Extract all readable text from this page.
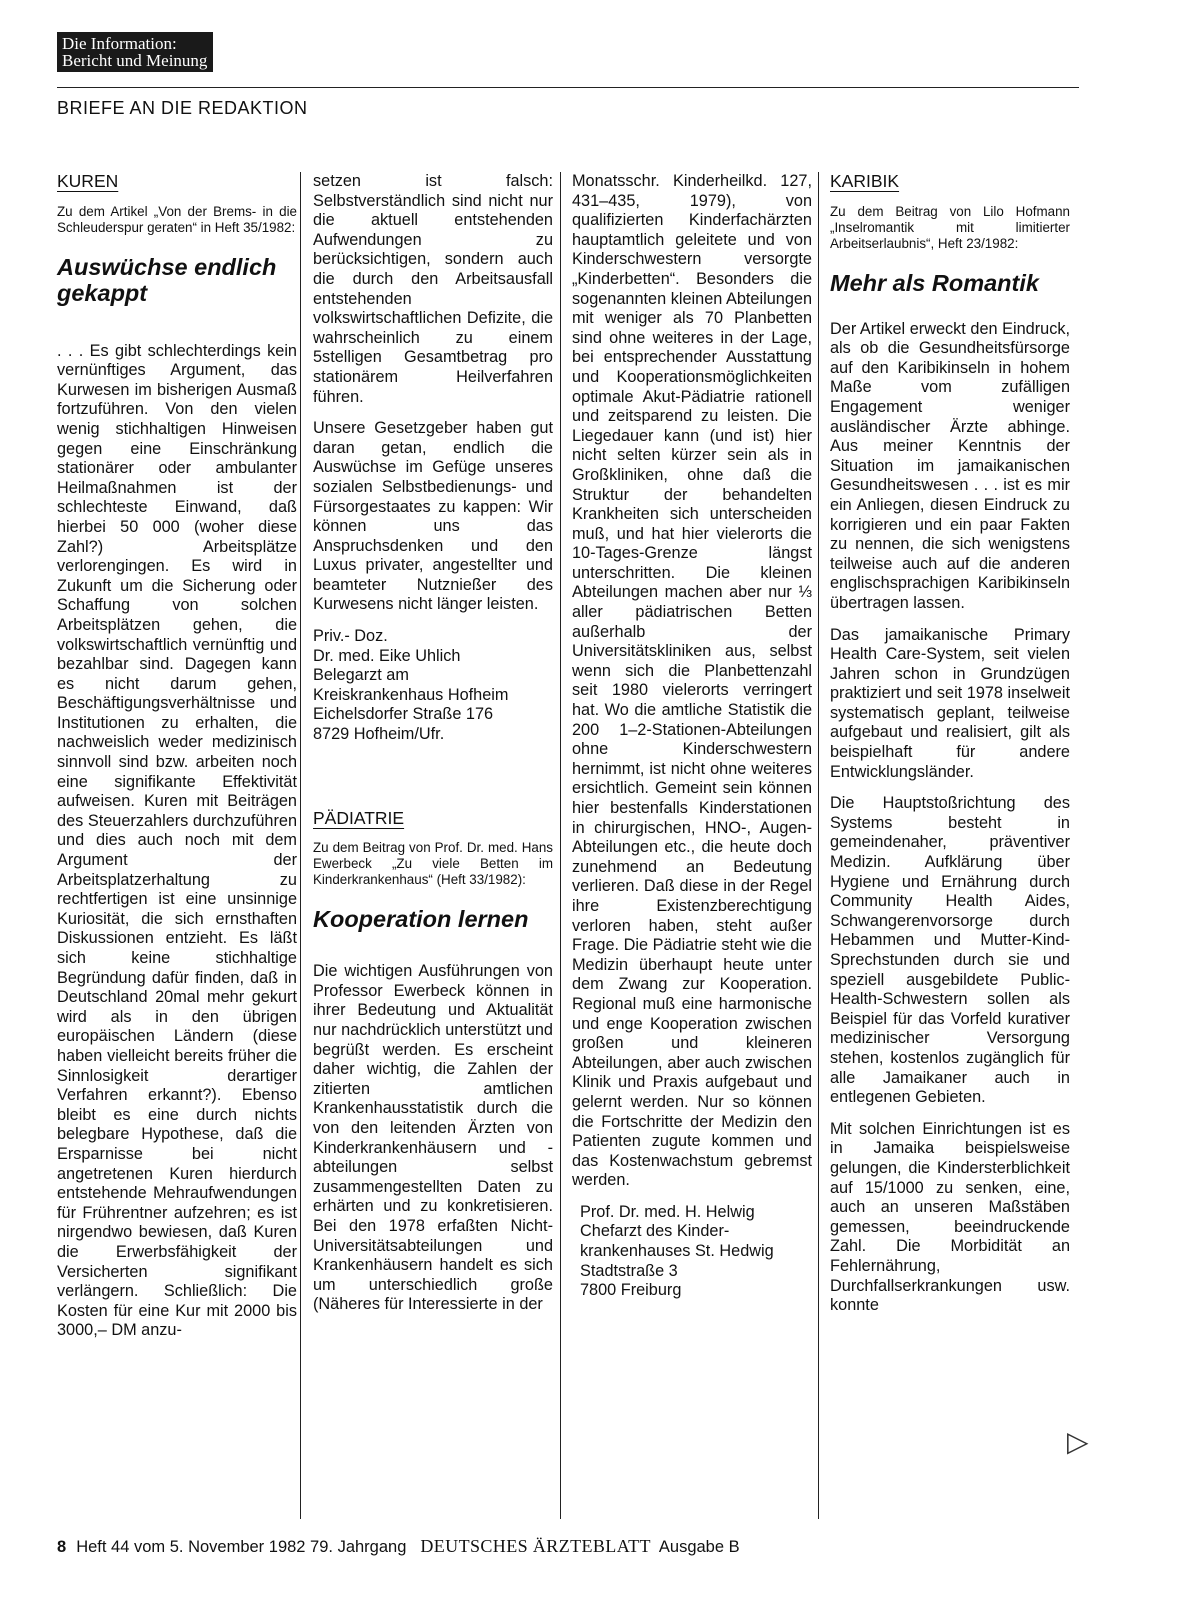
Die Information:
Bericht und Meinung
BRIEFE AN DIE REDAKTION
KUREN
Zu dem Artikel „Von der Brems- in die Schleuderspur geraten“ in Heft 35/1982:
Auswüchse endlich gekappt
. . . Es gibt schlechterdings kein vernünftiges Argument, das Kurwesen im bisherigen Ausmaß fortzuführen. Von den vielen wenig stichhaltigen Hinweisen gegen eine Einschränkung stationärer oder ambulanter Heilmaßnahmen ist der schlechteste Einwand, daß hierbei 50 000 (woher diese Zahl?) Arbeitsplätze verlorengingen. Es wird in Zukunft um die Sicherung oder Schaffung von solchen Arbeitsplätzen gehen, die volkswirtschaftlich vernünftig und bezahlbar sind. Dagegen kann es nicht darum gehen, Beschäftigungsverhältnisse und Institutionen zu erhalten, die nachweislich weder medizinisch sinnvoll sind bzw. arbeiten noch eine signifikante Effektivität aufweisen. Kuren mit Beiträgen des Steuerzahlers durchzuführen und dies auch noch mit dem Argument der Arbeitsplatzerhaltung zu rechtfertigen ist eine unsinnige Kuriosität, die sich ernsthaften Diskussionen entzieht. Es läßt sich keine stichhaltige Begründung dafür finden, daß in Deutschland 20mal mehr gekurt wird als in den übrigen europäischen Ländern (diese haben vielleicht bereits früher die Sinnlosigkeit derartiger Verfahren erkannt?). Ebenso bleibt es eine durch nichts belegbare Hypothese, daß die Ersparnisse bei nicht angetretenen Kuren hierdurch entstehende Mehraufwendungen für Frührentner aufzehren; es ist nirgendwo bewiesen, daß Kuren die Erwerbsfähigkeit der Versicherten signifikant verlängern. Schließlich: Die Kosten für eine Kur mit 2000 bis 3000,– DM anzu-
setzen ist falsch: Selbstverständlich sind nicht nur die aktuell entstehenden Aufwendungen zu berücksichtigen, sondern auch die durch den Arbeitsausfall entstehenden volkswirtschaftlichen Defizite, die wahrscheinlich zu einem 5stelligen Gesamtbetrag pro stationärem Heilverfahren führen.
Unsere Gesetzgeber haben gut daran getan, endlich die Auswüchse im Gefüge unseres sozialen Selbstbedienungs- und Fürsorgestaates zu kappen: Wir können uns das Anspruchsdenken und den Luxus privater, angestellter und beamteter Nutznießer des Kurwesens nicht länger leisten.
Priv.- Doz.
Dr. med. Eike Uhlich
Belegarzt am
Kreiskrankenhaus Hofheim
Eichelsdorfer Straße 176
8729 Hofheim/Ufr.
PÄDIATRIE
Zu dem Beitrag von Prof. Dr. med. Hans Ewerbeck „Zu viele Betten im Kinderkrankenhaus“ (Heft 33/1982):
Kooperation lernen
Die wichtigen Ausführungen von Professor Ewerbeck können in ihrer Bedeutung und Aktualität nur nachdrücklich unterstützt und begrüßt werden. Es erscheint daher wichtig, die Zahlen der zitierten amtlichen Krankenhausstatistik durch die von den leitenden Ärzten von Kinderkrankenhäusern und -abteilungen selbst zusammengestellten Daten zu erhärten und zu konkretisieren. Bei den 1978 erfaßten Nicht-Universitätsabteilungen und Krankenhäusern handelt es sich um unterschiedlich große (Näheres für Interessierte in der
Monatsschr. Kinderheilkd. 127, 431–435, 1979), von qualifizierten Kinderfachärzten hauptamtlich geleitete und von Kinderschwestern versorgte „Kinderbetten“. Besonders die sogenannten kleinen Abteilungen mit weniger als 70 Planbetten sind ohne weiteres in der Lage, bei entsprechender Ausstattung und Kooperationsmöglichkeiten optimale Akut-Pädiatrie rationell und zeitsparend zu leisten. Die Liegedauer kann (und ist) hier nicht selten kürzer sein als in Großkliniken, ohne daß die Struktur der behandelten Krankheiten sich unterscheiden muß, und hat hier vielerorts die 10-Tages-Grenze längst unterschritten. Die kleinen Abteilungen machen aber nur ⅓ aller pädiatrischen Betten außerhalb der Universitätskliniken aus, selbst wenn sich die Planbettenzahl seit 1980 vielerorts verringert hat. Wo die amtliche Statistik die 200 1–2-Stationen-Abteilungen ohne Kinderschwestern hernimmt, ist nicht ohne weiteres ersichtlich. Gemeint sein können hier bestenfalls Kinderstationen in chirurgischen, HNO-, Augen-Abteilungen etc., die heute doch zunehmend an Bedeutung verlieren. Daß diese in der Regel ihre Existenzberechtigung verloren haben, steht außer Frage. Die Pädiatrie steht wie die Medizin überhaupt heute unter dem Zwang zur Kooperation. Regional muß eine harmonische und enge Kooperation zwischen großen und kleineren Abteilungen, aber auch zwischen Klinik und Praxis aufgebaut und gelernt werden. Nur so können die Fortschritte der Medizin den Patienten zugute kommen und das Kostenwachstum gebremst werden.
Prof. Dr. med. H. Helwig
Chefarzt des Kinder-
krankenhauses St. Hedwig
Stadtstraße 3
7800 Freiburg
KARIBIK
Zu dem Beitrag von Lilo Hofmann „Inselromantik mit limitierter Arbeitserlaubnis“, Heft 23/1982:
Mehr als Romantik
Der Artikel erweckt den Eindruck, als ob die Gesundheitsfürsorge auf den Karibikinseln in hohem Maße vom zufälligen Engagement weniger ausländischer Ärzte abhinge. Aus meiner Kenntnis der Situation im jamaikanischen Gesundheitswesen . . . ist es mir ein Anliegen, diesen Eindruck zu korrigieren und ein paar Fakten zu nennen, die sich wenigstens teilweise auch auf die anderen englischsprachigen Karibikinseln übertragen lassen.
Das jamaikanische Primary Health Care-System, seit vielen Jahren schon in Grundzügen praktiziert und seit 1978 inselweit systematisch geplant, teilweise aufgebaut und realisiert, gilt als beispielhaft für andere Entwicklungsländer.
Die Hauptstoßrichtung des Systems besteht in gemeindenaher, präventiver Medizin. Aufklärung über Hygiene und Ernährung durch Community Health Aides, Schwangerenvorsorge durch Hebammen und Mutter-Kind-Sprechstunden durch sie und speziell ausgebildete Public-Health-Schwestern sollen als Beispiel für das Vorfeld kurativer medizinischer Versorgung stehen, kostenlos zugänglich für alle Jamaikaner auch in entlegenen Gebieten.
Mit solchen Einrichtungen ist es in Jamaika beispielsweise gelungen, die Kindersterblichkeit auf 15/1000 zu senken, eine, auch an unseren Maßstäben gemessen, beeindruckende Zahl. Die Morbidität an Fehlernährung, Durchfallserkrankungen usw. konnte
▷
8 Heft 44 vom 5. November 1982 79. Jahrgang DEUTSCHES ÄRZTEBLATT Ausgabe B
